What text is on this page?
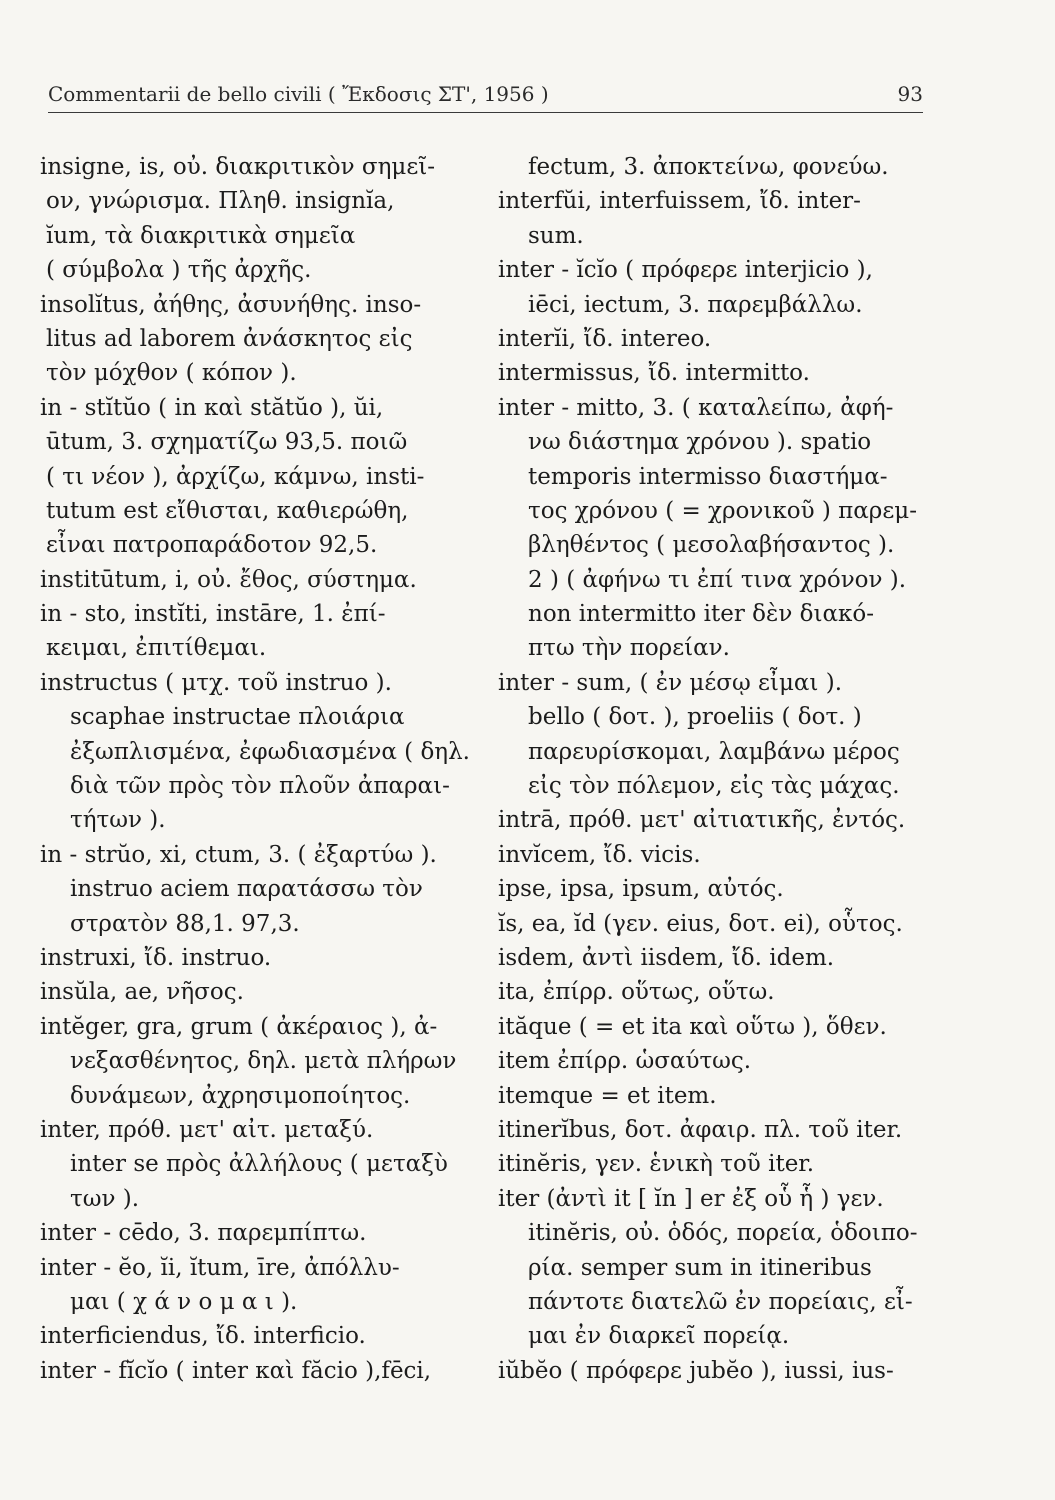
Commentarii de bello civili ( Ἔκδοσις ΣΤ', 1956 )	93
insigne, is, οὐ. διακριτικὸν σημεῖ-
ον, γνώρισμα. Πληθ. insignĭa,
ĭum, τὰ διακριτικὰ σημεῖα
( σύμβολα ) τῆς ἀρχῆς.
insolĭtus, ἀήθης, ἀσυνήθης. inso-
litus ad laborem ἀνάσκητος εἰς
τὸν μόχθον ( κόπον ).
in - stĭtŭo ( in καὶ stătŭo ), ŭi,
ūtum, 3. σχηματίζω 93,5. ποιῶ
( τι νέον ), ἀρχίζω, κάμνω, insti-
tutum est εἴθισται, καθιερώθη,
εἶναι πατροπαράδοτον 92,5.
institūtum, i, οὐ. ἔθος, σύστημα.
in - sto, instĭti, instāre, 1. ἐπί-
κειμαι, ἐπιτίθεμαι.
instructus ( μτχ. τοῦ instruo ).
scaphae instructae πλοιάρια
ἐξωπλισμένα, ἐφωδιασμένα ( δηλ.
διὰ τῶν πρὸς τὸν πλοῦν ἀπαραι-
τήτων ).
in - strŭo, xi, ctum, 3. ( ἐξαρτύω ).
instruo aciem παρατάσσω τὸν
στρατὸν 88,1. 97,3.
instruxi, ἴδ. instruo.
insŭla, ae, νῆσος.
intĕger, gra, grum ( ἀκέραιος ), ἀ-
νεξασθένητος, δηλ. μετὰ πλήρων
δυνάμεων, ἀχρησιμοποίητος.
inter, πρόθ. μετ' αἰτ. μεταξύ.
inter se πρὸς ἀλλήλους ( μεταξὺ
των ).
inter - cēdo, 3. παρεμπίπτω.
inter - ĕo, ĭi, ĭtum, īre, ἀπόλλυ-
μαι ( χ ά ν ο μ α ι ).
interficiendus, ἴδ. interficio.
inter - fĭcĭo ( inter καὶ făcio ),fēci,
fectum, 3. ἀποκτείνω, φονεύω.
interfŭi, interfuissem, ἴδ. inter-
sum.
inter - ĭcĭo ( πρόφερε interjicio ),
iēci, iectum, 3. παρεμβάλλω.
interĭi, ἴδ. intereo.
intermissus, ἴδ. intermitto.
inter - mitto, 3. ( καταλείπω, ἀφή-
νω διάστημα χρόνου ). spatio
temporis intermisso διαστήμα-
τος χρόνου ( = χρονικοῦ ) παρεμ-
βληθέντος ( μεσολαβήσαντος ).
2 ) ( ἀφήνω τι ἐπί τινα χρόνον ).
non intermitto iter δὲν διακό-
πτω τὴν πορείαν.
inter - sum, ( ἐν μέσῳ εἶμαι ).
bello ( δοτ. ), proeliis ( δοτ. )
παρευρίσκομαι, λαμβάνω μέρος
εἰς τὸν πόλεμον, εἰς τὰς μάχας.
intrā, πρόθ. μετ' αἰτιατικῆς, ἐντός.
invĭcem, ἴδ. vicis.
ipse, ipsa, ipsum, αὐτός.
ĭs, ea, ĭd (γεν. eius, δοτ. ei), οὗτος.
isdem, ἀντὶ iisdem, ἴδ. idem.
ita, ἐπίρρ. οὕτως, οὕτω.
ităque ( = et ita καὶ οὕτω ), ὅθεν.
item ἐπίρρ. ὡσαύτως.
itemque = et item.
itinerĭbus, δοτ. ἀφαιρ. πλ. τοῦ iter.
itinĕris, γεν. ἑνικὴ τοῦ iter.
iter (ἀντὶ it [ ĭn ] er ἐξ οὗ ἧ ) γεν.
itinĕris, οὐ. ὁδός, πορεία, ὁδοιπο-
ρία. semper sum in itineribus
πάντοτε διατελῶ ἐν πορείαις, εἶ-
μαι ἐν διαρκεῖ πορείᾳ.
iŭbĕo ( πρόφερε jubĕo ), iussi, ius-
